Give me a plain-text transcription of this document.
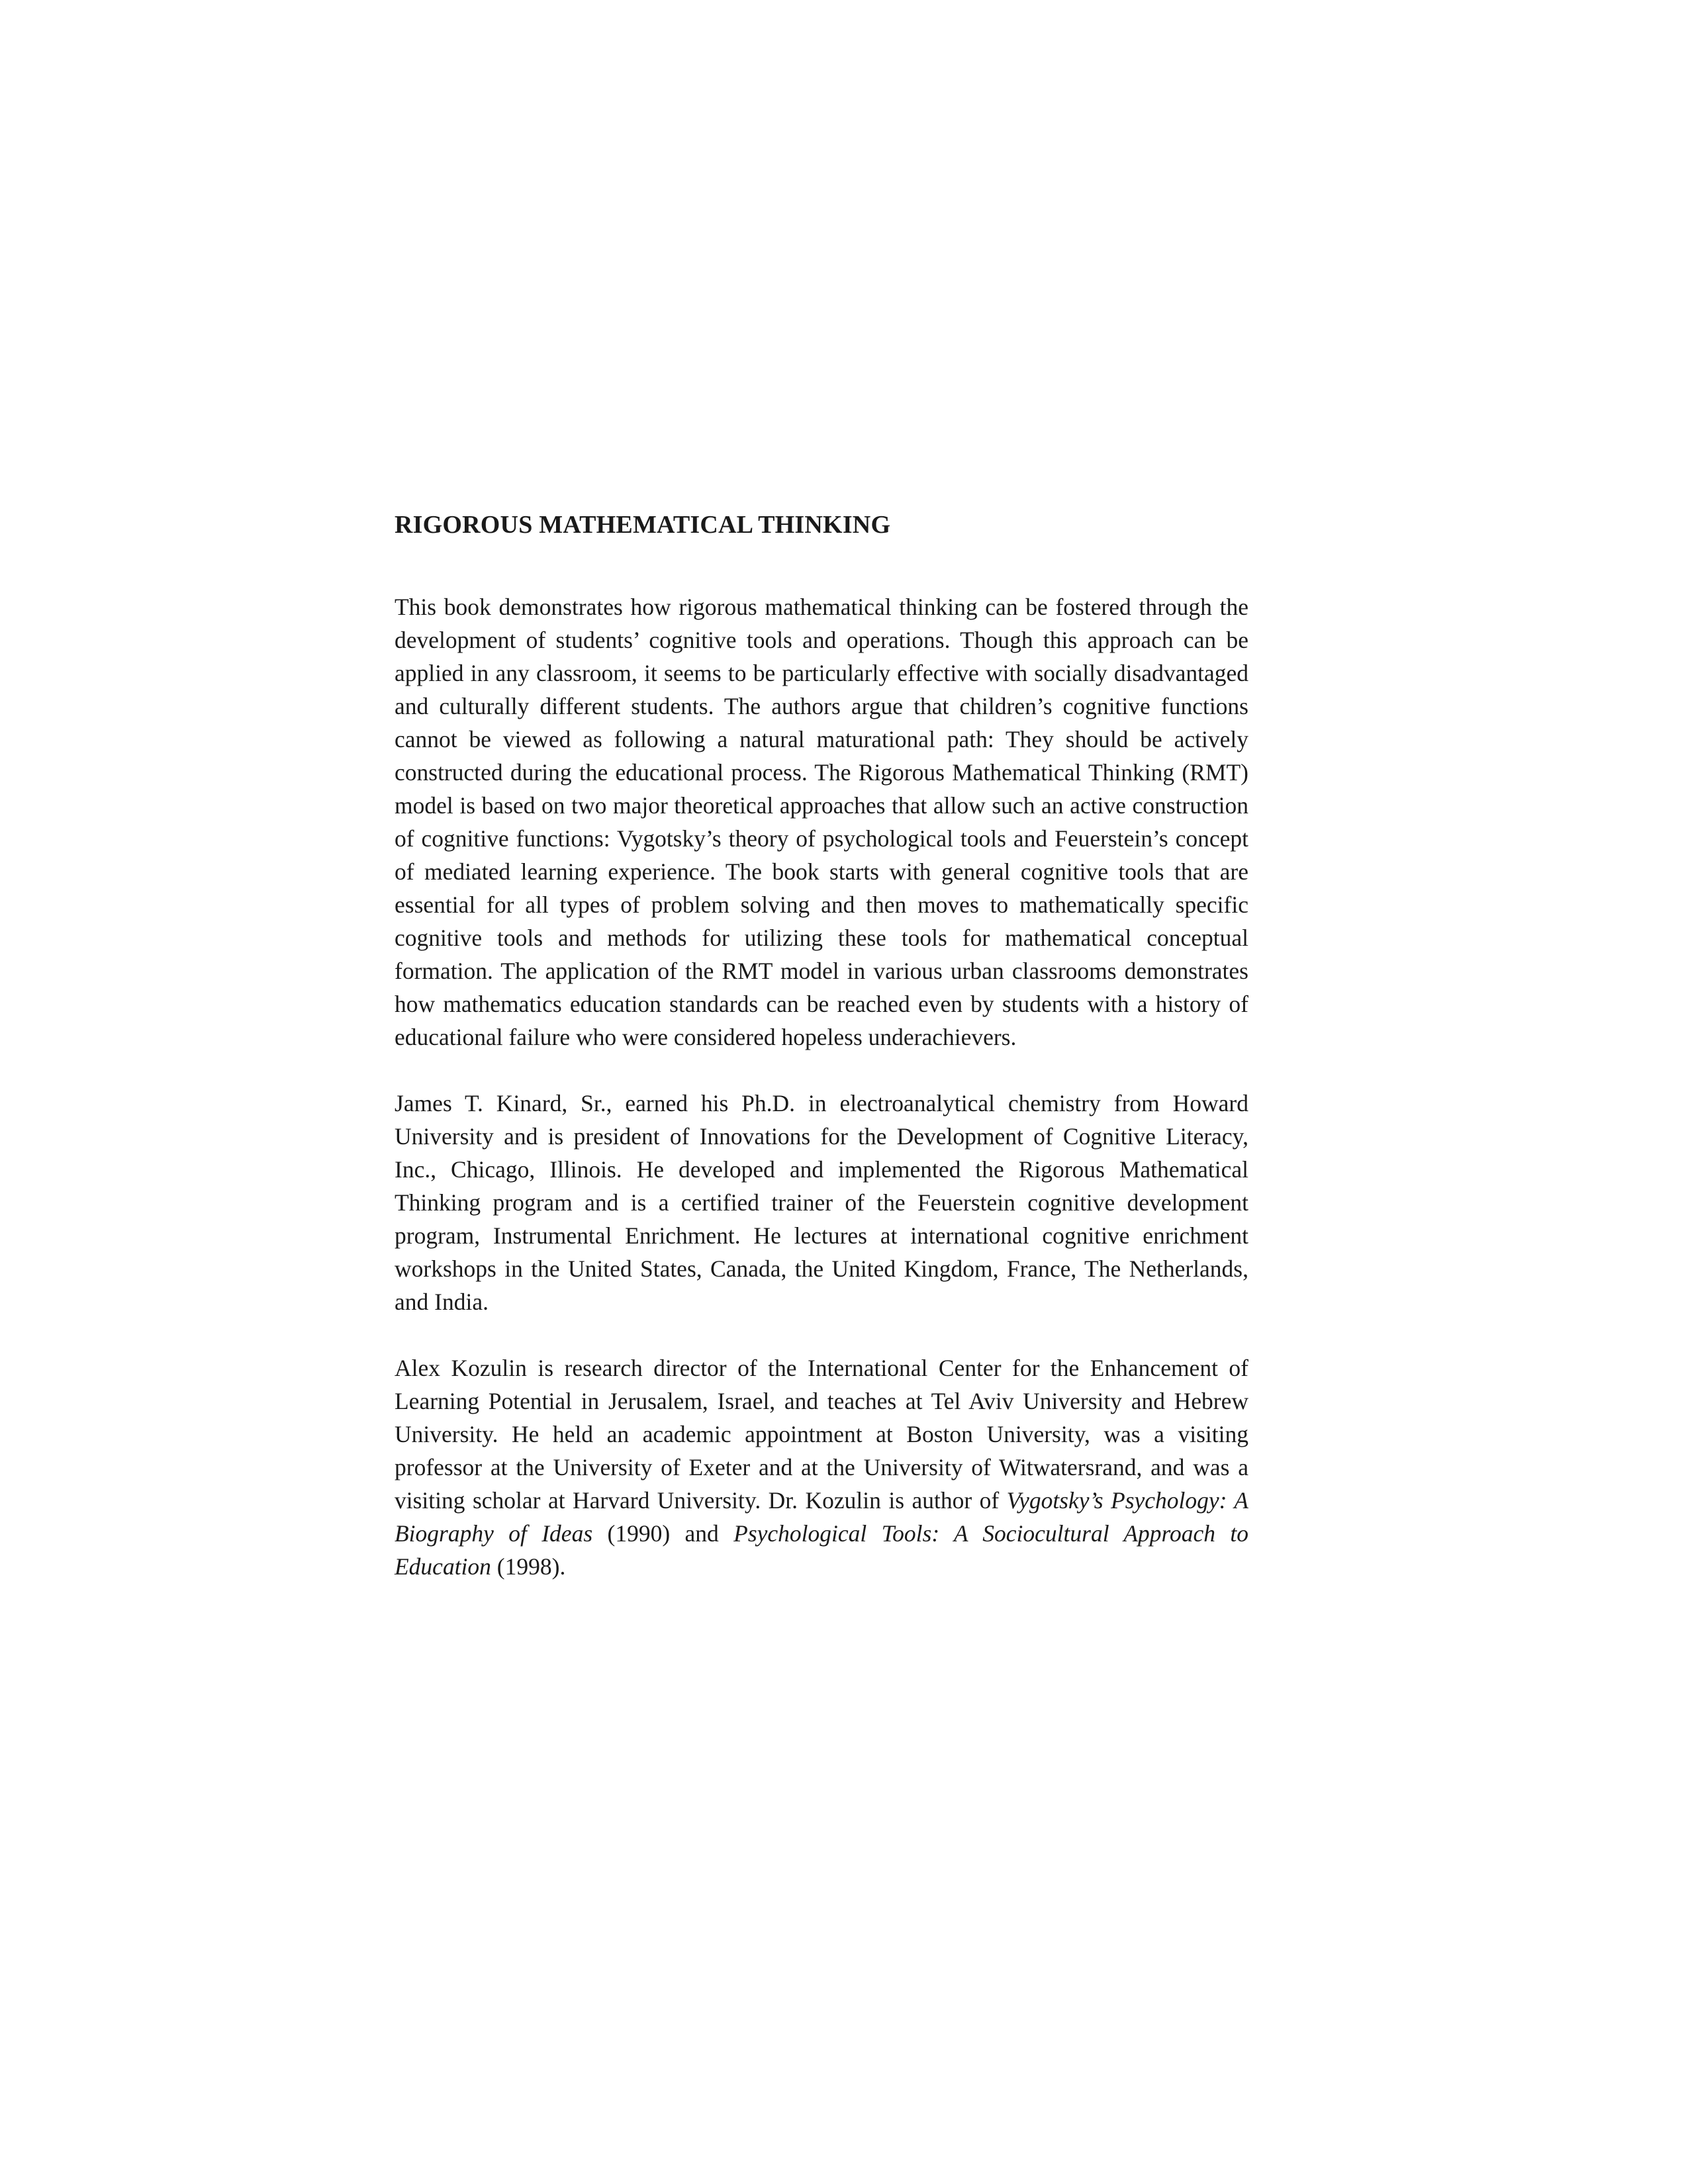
RIGOROUS MATHEMATICAL THINKING

This book demonstrates how rigorous mathematical thinking can be fostered through the development of students’ cognitive tools and operations. Though this approach can be applied in any classroom, it seems to be particularly effective with socially disadvantaged and culturally different students. The authors argue that children’s cognitive functions cannot be viewed as following a natural maturational path: They should be actively constructed during the educational process. The Rigorous Mathematical Thinking (RMT) model is based on two major theoretical approaches that allow such an active construction of cognitive functions: Vygotsky’s theory of psychological tools and Feuerstein’s concept of mediated learning experience. The book starts with general cognitive tools that are essential for all types of problem solving and then moves to mathematically specific cognitive tools and methods for utilizing these tools for mathematical conceptual formation. The application of the RMT model in various urban classrooms demonstrates how mathematics education standards can be reached even by students with a history of educational failure who were considered hopeless underachievers.

James T. Kinard, Sr., earned his Ph.D. in electroanalytical chemistry from Howard University and is president of Innovations for the Development of Cognitive Literacy, Inc., Chicago, Illinois. He developed and implemented the Rigorous Mathematical Thinking program and is a certified trainer of the Feuerstein cognitive development program, Instrumental Enrichment. He lectures at international cognitive enrichment workshops in the United States, Canada, the United Kingdom, France, The Netherlands, and India.

Alex Kozulin is research director of the International Center for the Enhancement of Learning Potential in Jerusalem, Israel, and teaches at Tel Aviv University and Hebrew University. He held an academic appointment at Boston University, was a visiting professor at the University of Exeter and at the University of Witwatersrand, and was a visiting scholar at Harvard University. Dr. Kozulin is author of Vygotsky’s Psychology: A Biography of Ideas (1990) and Psychological Tools: A Sociocultural Approach to Education (1998).
